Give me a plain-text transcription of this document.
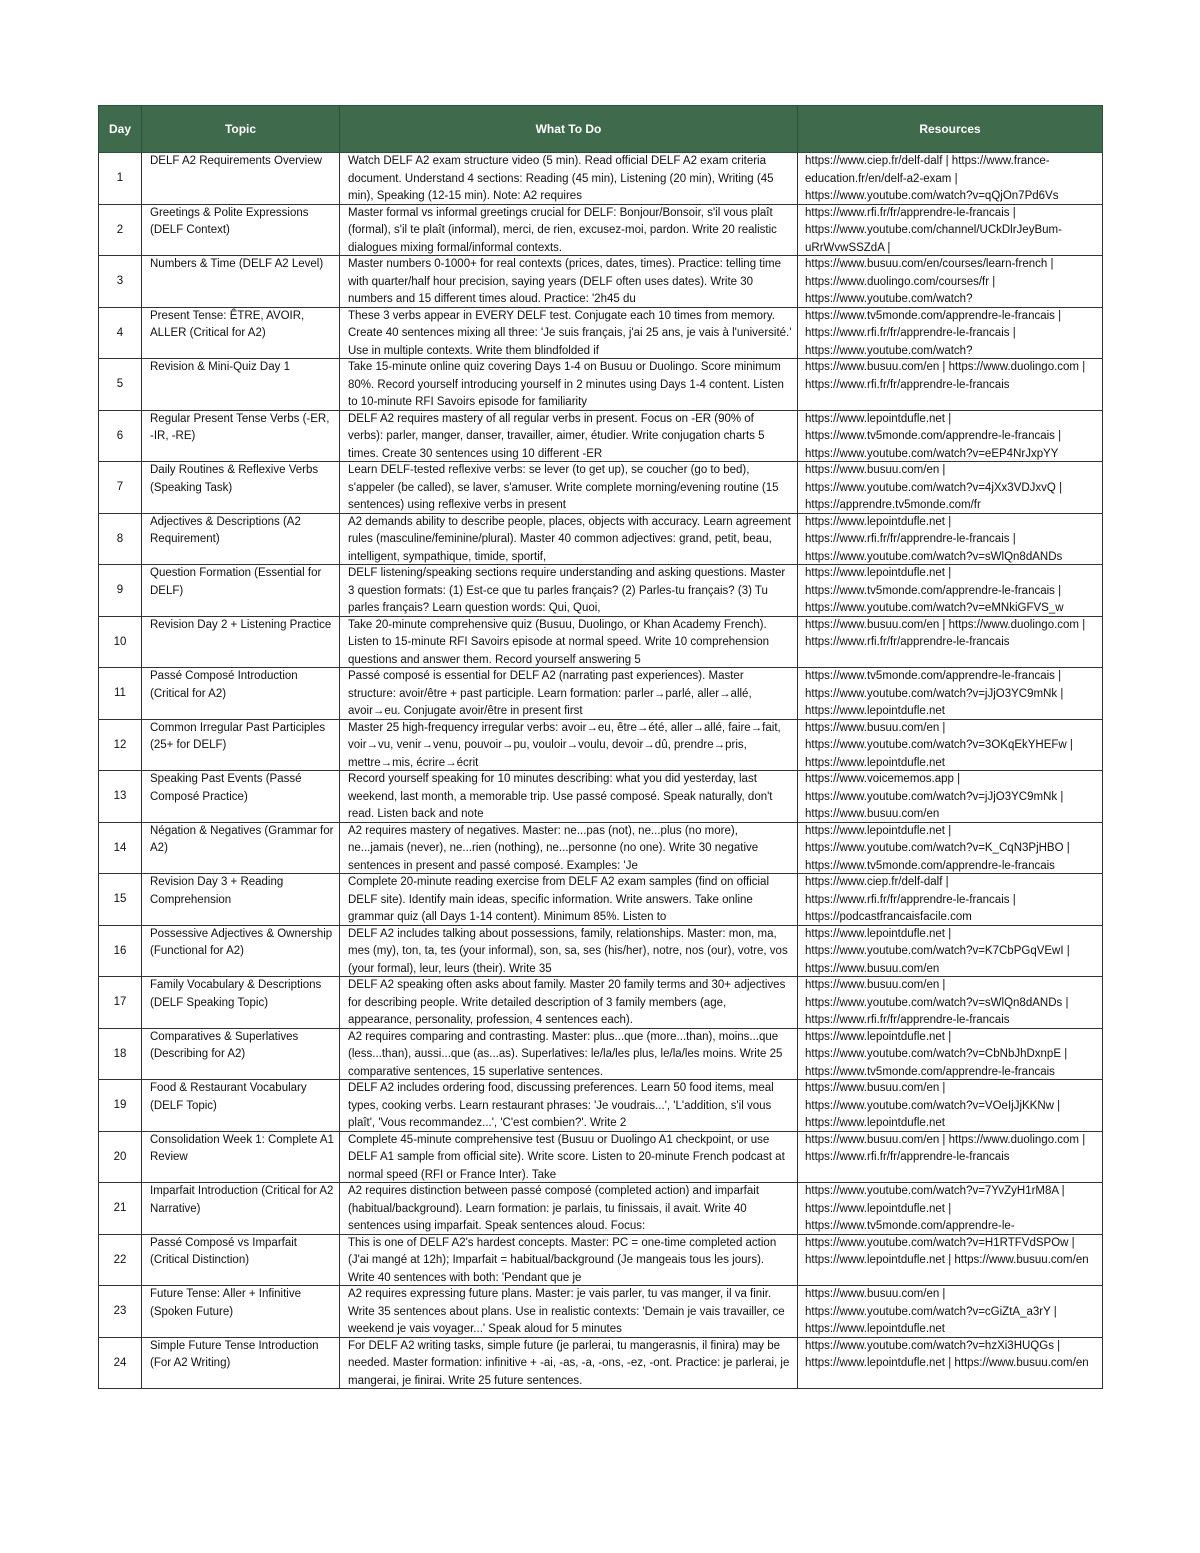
Day	Topic	What To Do	Resources

1	DELF A2 Requirements Overview	Watch DELF A2 exam structure video (5 min). Read official DELF A2 exam criteria document. Understand 4 sections: Reading (45 min), Listening (20 min), Writing (45 min), Speaking (12-15 min). Note: A2 requires	https://www.ciep.fr/delf-dalf | https://www.france-education.fr/en/delf-a2-exam | https://www.youtube.com/watch?v=qQjOn7Pd6Vs

2	Greetings & Polite Expressions (DELF Context)	Master formal vs informal greetings crucial for DELF: Bonjour/Bonsoir, s'il vous plaît (formal), s'il te plaît (informal), merci, de rien, excusez-moi, pardon. Write 20 realistic dialogues mixing formal/informal contexts.	https://www.rfi.fr/fr/apprendre-le-francais | https://www.youtube.com/channel/UCkDlrJeyBum-uRrWvwSSZdA |

3	Numbers & Time (DELF A2 Level)	Master numbers 0-1000+ for real contexts (prices, dates, times). Practice: telling time with quarter/half hour precision, saying years (DELF often uses dates). Write 30 numbers and 15 different times aloud. Practice: '2h45 du	https://www.busuu.com/en/courses/learn-french | https://www.duolingo.com/courses/fr | https://www.youtube.com/watch?

4	Present Tense: ÊTRE, AVOIR, ALLER (Critical for A2)	These 3 verbs appear in EVERY DELF test. Conjugate each 10 times from memory. Create 40 sentences mixing all three: 'Je suis français, j'ai 25 ans, je vais à l'université.' Use in multiple contexts. Write them blindfolded if	https://www.tv5monde.com/apprendre-le-francais | https://www.rfi.fr/fr/apprendre-le-francais | https://www.youtube.com/watch?

5	Revision & Mini-Quiz Day 1	Take 15-minute online quiz covering Days 1-4 on Busuu or Duolingo. Score minimum 80%. Record yourself introducing yourself in 2 minutes using Days 1-4 content. Listen to 10-minute RFI Savoirs episode for familiarity	https://www.busuu.com/en | https://www.duolingo.com | https://www.rfi.fr/fr/apprendre-le-francais

6	Regular Present Tense Verbs (-ER, -IR, -RE)	DELF A2 requires mastery of all regular verbs in present. Focus on -ER (90% of verbs): parler, manger, danser, travailler, aimer, étudier. Write conjugation charts 5 times. Create 30 sentences using 10 different -ER	https://www.lepointdufle.net | https://www.tv5monde.com/apprendre-le-francais | https://www.youtube.com/watch?v=eEP4NrJxpYY

7	Daily Routines & Reflexive Verbs (Speaking Task)	Learn DELF-tested reflexive verbs: se lever (to get up), se coucher (go to bed), s'appeler (be called), se laver, s'amuser. Write complete morning/evening routine (15 sentences) using reflexive verbs in present	https://www.busuu.com/en | https://www.youtube.com/watch?v=4jXx3VDJxvQ | https://apprendre.tv5monde.com/fr

8	Adjectives & Descriptions (A2 Requirement)	A2 demands ability to describe people, places, objects with accuracy. Learn agreement rules (masculine/feminine/plural). Master 40 common adjectives: grand, petit, beau, intelligent, sympathique, timide, sportif,	https://www.lepointdufle.net | https://www.rfi.fr/fr/apprendre-le-francais | https://www.youtube.com/watch?v=sWlQn8dANDs

9	Question Formation (Essential for DELF)	DELF listening/speaking sections require understanding and asking questions. Master 3 question formats: (1) Est-ce que tu parles français? (2) Parles-tu français? (3) Tu parles français? Learn question words: Qui, Quoi,	https://www.lepointdufle.net | https://www.tv5monde.com/apprendre-le-francais | https://www.youtube.com/watch?v=eMNkiGFVS_w

10	Revision Day 2 + Listening Practice	Take 20-minute comprehensive quiz (Busuu, Duolingo, or Khan Academy French). Listen to 15-minute RFI Savoirs episode at normal speed. Write 10 comprehension questions and answer them. Record yourself answering 5	https://www.busuu.com/en | https://www.duolingo.com | https://www.rfi.fr/fr/apprendre-le-francais

11	Passé Composé Introduction (Critical for A2)	Passé composé is essential for DELF A2 (narrating past experiences). Master structure: avoir/être + past participle. Learn formation: parler→parlé, aller→allé, avoir→eu. Conjugate avoir/être in present first	https://www.tv5monde.com/apprendre-le-francais | https://www.youtube.com/watch?v=jJjO3YC9mNk | https://www.lepointdufle.net

12	Common Irregular Past Participles (25+ for DELF)	Master 25 high-frequency irregular verbs: avoir→eu, être→été, aller→allé, faire→fait, voir→vu, venir→venu, pouvoir→pu, vouloir→voulu, devoir→dû, prendre→pris, mettre→mis, écrire→écrit	https://www.busuu.com/en | https://www.youtube.com/watch?v=3OKqEkYHEFw | https://www.lepointdufle.net

13	Speaking Past Events (Passé Composé Practice)	Record yourself speaking for 10 minutes describing: what you did yesterday, last weekend, last month, a memorable trip. Use passé composé. Speak naturally, don't read. Listen back and note	https://www.voicememos.app | https://www.youtube.com/watch?v=jJjO3YC9mNk | https://www.busuu.com/en

14	Négation & Negatives (Grammar for A2)	A2 requires mastery of negatives. Master: ne...pas (not), ne...plus (no more), ne...jamais (never), ne...rien (nothing), ne...personne (no one). Write 30 negative sentences in present and passé composé. Examples: 'Je	https://www.lepointdufle.net | https://www.youtube.com/watch?v=K_CqN3PjHBO | https://www.tv5monde.com/apprendre-le-francais

15	Revision Day 3 + Reading Comprehension	Complete 20-minute reading exercise from DELF A2 exam samples (find on official DELF site). Identify main ideas, specific information. Write answers. Take online grammar quiz (all Days 1-14 content). Minimum 85%. Listen to	https://www.ciep.fr/delf-dalf | https://www.rfi.fr/fr/apprendre-le-francais | https://podcastfrancaisfacile.com

16	Possessive Adjectives & Ownership (Functional for A2)	DELF A2 includes talking about possessions, family, relationships. Master: mon, ma, mes (my), ton, ta, tes (your informal), son, sa, ses (his/her), notre, nos (our), votre, vos (your formal), leur, leurs (their). Write 35	https://www.lepointdufle.net | https://www.youtube.com/watch?v=K7CbPGqVEwI | https://www.busuu.com/en

17	Family Vocabulary & Descriptions (DELF Speaking Topic)	DELF A2 speaking often asks about family. Master 20 family terms and 30+ adjectives for describing people. Write detailed description of 3 family members (age, appearance, personality, profession, 4 sentences each).	https://www.busuu.com/en | https://www.youtube.com/watch?v=sWlQn8dANDs | https://www.rfi.fr/fr/apprendre-le-francais

18	Comparatives & Superlatives (Describing for A2)	A2 requires comparing and contrasting. Master: plus...que (more...than), moins...que (less...than), aussi...que (as...as). Superlatives: le/la/les plus, le/la/les moins. Write 25 comparative sentences, 15 superlative sentences.	https://www.lepointdufle.net | https://www.youtube.com/watch?v=CbNbJhDxnpE | https://www.tv5monde.com/apprendre-le-francais

19	Food & Restaurant Vocabulary (DELF Topic)	DELF A2 includes ordering food, discussing preferences. Learn 50 food items, meal types, cooking verbs. Learn restaurant phrases: 'Je voudrais...', 'L'addition, s'il vous plaît', 'Vous recommandez...', 'C'est combien?'. Write 2	https://www.busuu.com/en | https://www.youtube.com/watch?v=VOeIjJjKKNw | https://www.lepointdufle.net

20	Consolidation Week 1: Complete A1 Review	Complete 45-minute comprehensive test (Busuu or Duolingo A1 checkpoint, or use DELF A1 sample from official site). Write score. Listen to 20-minute French podcast at normal speed (RFI or France Inter). Take	https://www.busuu.com/en | https://www.duolingo.com | https://www.rfi.fr/fr/apprendre-le-francais

21	Imparfait Introduction (Critical for A2 Narrative)	A2 requires distinction between passé composé (completed action) and imparfait (habitual/background). Learn formation: je parlais, tu finissais, il avait. Write 40 sentences using imparfait. Speak sentences aloud. Focus:	https://www.youtube.com/watch?v=7YvZyH1rM8A | https://www.lepointdufle.net | https://www.tv5monde.com/apprendre-le-

22	Passé Composé vs Imparfait (Critical Distinction)	This is one of DELF A2's hardest concepts. Master: PC = one-time completed action (J'ai mangé at 12h); Imparfait = habitual/background (Je mangeais tous les jours). Write 40 sentences with both: 'Pendant que je	https://www.youtube.com/watch?v=H1RTFVdSPOw | https://www.lepointdufle.net | https://www.busuu.com/en

23	Future Tense: Aller + Infinitive (Spoken Future)	A2 requires expressing future plans. Master: je vais parler, tu vas manger, il va finir. Write 35 sentences about plans. Use in realistic contexts: 'Demain je vais travailler, ce weekend je vais voyager...' Speak aloud for 5 minutes	https://www.busuu.com/en | https://www.youtube.com/watch?v=cGiZtA_a3rY | https://www.lepointdufle.net

24	Simple Future Tense Introduction (For A2 Writing)	For DELF A2 writing tasks, simple future (je parlerai, tu mangerasnis, il finira) may be needed. Master formation: infinitive + -ai, -as, -a, -ons, -ez, -ont. Practice: je parlerai, je mangerai, je finirai. Write 25 future sentences.	https://www.youtube.com/watch?v=hzXi3HUQGs | https://www.lepointdufle.net | https://www.busuu.com/en
